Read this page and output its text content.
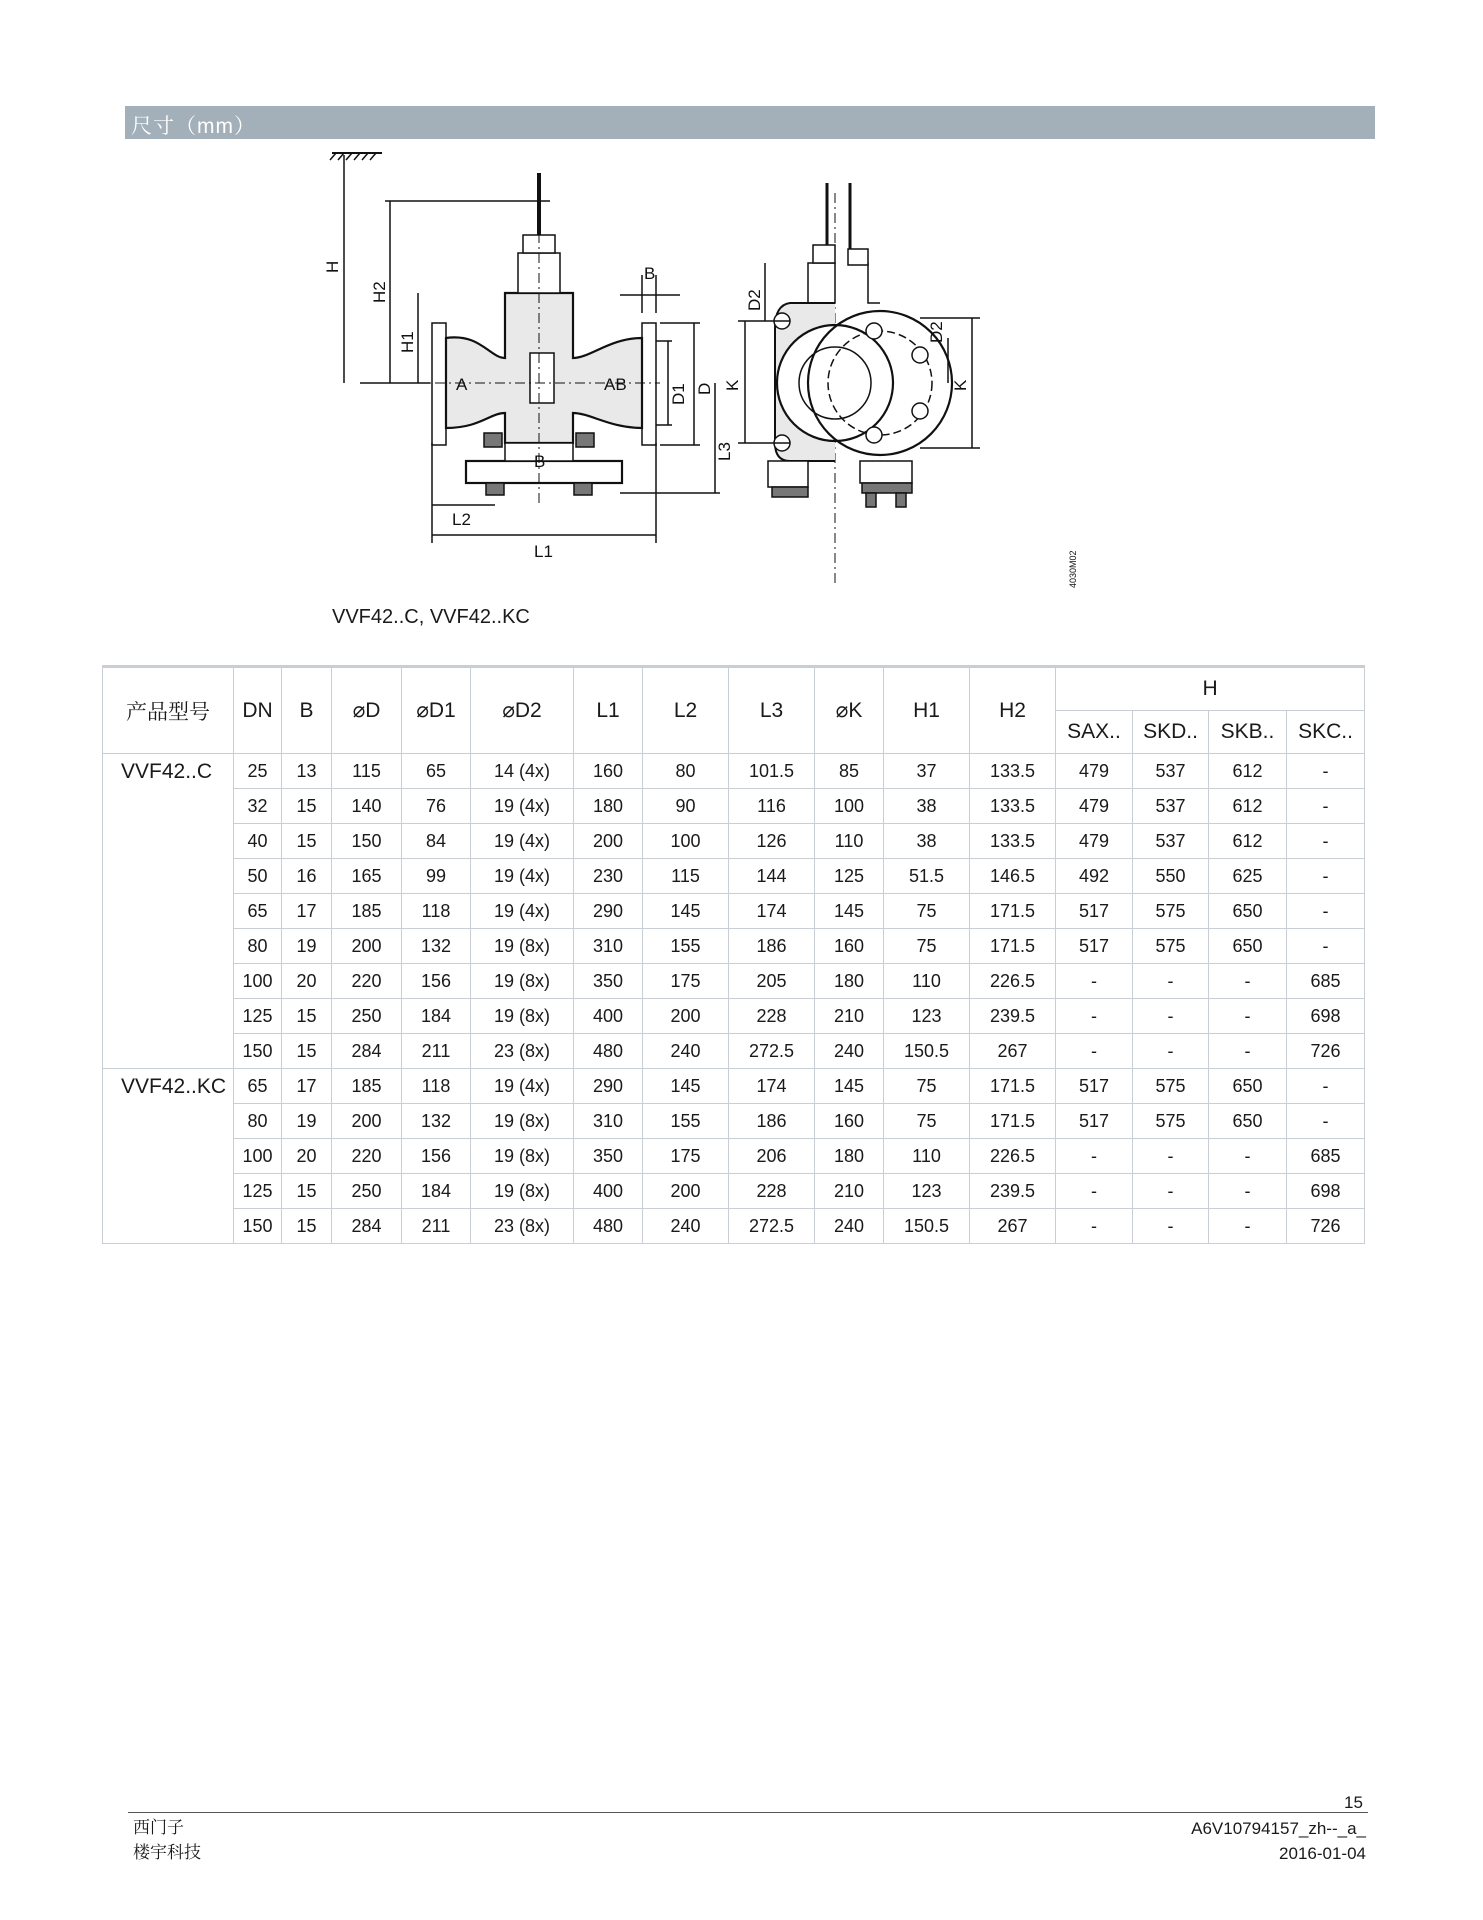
尺寸（mm）
H
H2
H1
B
D1 D
L3
L2
L1
A	AB
B
D2
K
D2
K
4030M02
VVF42..C, VVF42..KC
产品型号	DN	B	⌀D	⌀D1	⌀D2	L1	L2	L3	⌀K	H1	H2	H			
												SAX..	SKD..	SKB..	SKC..
VVF42..C	25	13	115	65	14 (4x)	160	80	101.5	85	37	133.5	479	537	612	-
	32	15	140	76	19 (4x)	180	90	116	100	38	133.5	479	537	612	-
	40	15	150	84	19 (4x)	200	100	126	110	38	133.5	479	537	612	-
	50	16	165	99	19 (4x)	230	115	144	125	51.5	146.5	492	550	625	-
	65	17	185	118	19 (4x)	290	145	174	145	75	171.5	517	575	650	-
	80	19	200	132	19 (8x)	310	155	186	160	75	171.5	517	575	650	-
	100	20	220	156	19 (8x)	350	175	205	180	110	226.5	-	-	-	685
	125	15	250	184	19 (8x)	400	200	228	210	123	239.5	-	-	-	698
	150	15	284	211	23 (8x)	480	240	272.5	240	150.5	267	-	-	-	726
VVF42..KC	65	17	185	118	19 (4x)	290	145	174	145	75	171.5	517	575	650	-
	80	19	200	132	19 (8x)	310	155	186	160	75	171.5	517	575	650	-
	100	20	220	156	19 (8x)	350	175	206	180	110	226.5	-	-	-	685
	125	15	250	184	19 (8x)	400	200	228	210	123	239.5	-	-	-	698
	150	15	284	211	23 (8x)	480	240	272.5	240	150.5	267	-	-	-	726
15
西门子
楼宇科技
A6V10794157_zh--_a_
2016-01-04
